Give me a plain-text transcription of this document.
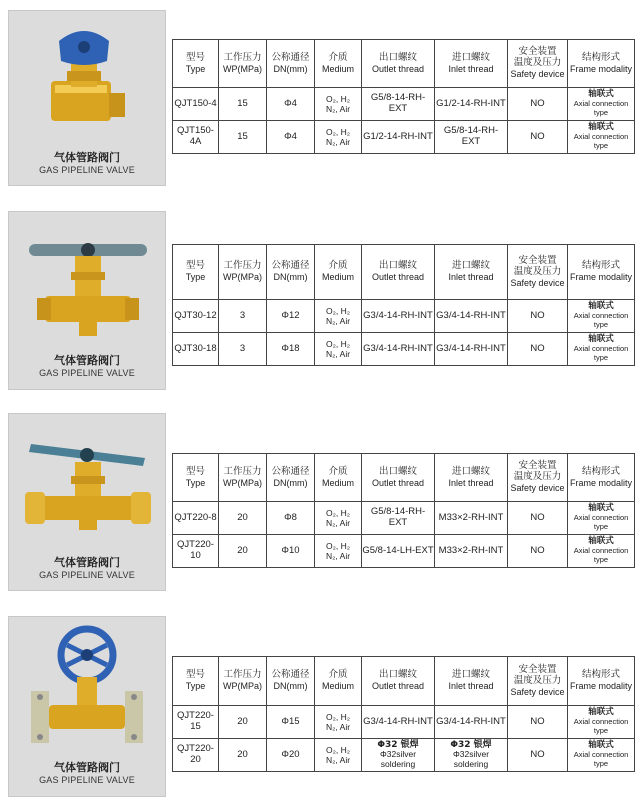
气体管路阀门
GAS PIPELINE VALVE
型号
Type	工作压力
WP(MPa)	公称通径
DN(mm)	介质
Medium	出口螺纹
Outlet thread	进口螺纹
Inlet thread	安全装置
温度及压力
Safety device	结构形式
Frame modality

QJT150-4	15	Φ4	O₂, H₂
N₂, Air	G5/8-14-RH-EXT	G1/2-14-RH-INT	NO	轴联式
Axial connection type

QJT150-4A	15	Φ4	O₂, H₂
N₂, Air	G1/2-14-RH-INT	G5/8-14-RH-EXT	NO	轴联式
Axial connection type
气体管路阀门
GAS PIPELINE VALVE
型号
Type	工作压力
WP(MPa)	公称通径
DN(mm)	介质
Medium	出口螺纹
Outlet thread	进口螺纹
Inlet thread	安全装置
温度及压力
Safety device	结构形式
Frame modality

QJT30-12	3	Φ12	O₂, H₂
N₂, Air	G3/4-14-RH-INT	G3/4-14-RH-INT	NO	轴联式
Axial connection type

QJT30-18	3	Φ18	O₂, H₂
N₂, Air	G3/4-14-RH-INT	G3/4-14-RH-INT	NO	轴联式
Axial connection type
气体管路阀门
GAS PIPELINE VALVE
型号
Type	工作压力
WP(MPa)	公称通径
DN(mm)	介质
Medium	出口螺纹
Outlet thread	进口螺纹
Inlet thread	安全装置
温度及压力
Safety device	结构形式
Frame modality

QJT220-8	20	Φ8	O₂, H₂
N₂, Air	G5/8-14-RH-EXT	M33×2-RH-INT	NO	轴联式
Axial connection type

QJT220-10	20	Φ10	O₂, H₂
N₂, Air	G5/8-14-LH-EXT	M33×2-RH-INT	NO	轴联式
Axial connection type
气体管路阀门
GAS PIPELINE VALVE
型号
Type	工作压力
WP(MPa)	公称通径
DN(mm)	介质
Medium	出口螺纹
Outlet thread	进口螺纹
Inlet thread	安全装置
温度及压力
Safety device	结构形式
Frame modality

QJT220-15	20	Φ15	O₂, H₂
N₂, Air	G3/4-14-RH-INT	G3/4-14-RH-INT	NO	轴联式
Axial connection type

QJT220-20	20	Φ20	O₂, H₂
N₂, Air	Φ32 银焊
Φ32silver soldering	Φ32 银焊
Φ32silver soldering	NO	轴联式
Axial connection type
